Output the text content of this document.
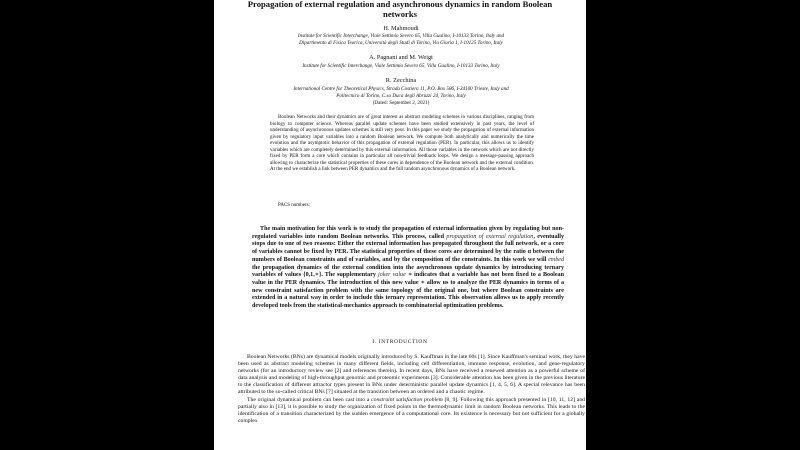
Propagation of external regulation and asynchronous dynamics in random Boolean networks
H. Mahmoudi
Institute for Scientific Interchange, Viale Settimio Severo 65, Villa Gualino, I-10133 Torino, Italy and
Dipartimento di Fisica Teorica, Università degli Studi di Torino, Via Giuria 1, I-10125 Torino, Italy
A. Pagnani and M. Weigt
Institute for Scientific Interchange, Viale Settimio Severo 65, Villa Gualino, I-10133 Torino, Italy
R. Zecchina
International Centre for Theoretical Physics, Strada Costiera 11, P.O. Box 586, I-34100 Trieste, Italy and
Politecnico di Torino, C.so Duca degli Abruzzi 24, Torino, Italy
(Dated: September 2, 2021)

Boolean Networks and their dynamics are of great interest as abstract modeling schemes in various disciplines, ranging from biology to computer science. Whereas parallel update schemes have been studied extensively in past years, the level of understanding of asynchronous updates schemes is still very poor. In this paper we study the propagation of external information given by regulatory input variables into a random Boolean network. We compute both analytically and numerically the time evolution and the asymptotic behavior of this propagation of external regulation (PER). In particular, this allows us to identify variables which are completely determined by this external information. All those variables in the network which are not directly fixed by PER form a core which contains in particular all non-trivial feedback loops. We design a message-passing approach allowing to characterize the statistical properties of these cores in dependence of the Boolean network and the external condition. At the end we establish a link between PER dynamics and the full random asynchronous dynamics of a Boolean network.

PACS numbers:

The main motivation for this work is to study the propagation of external information given by regulating but non-regulated variables into random Boolean networks. This process, called propagation of external regulation, eventually stops due to one of two reasons: Either the external information has propagated throughout the full network, or a core of variables cannot be fixed by PER. The statistical properties of these cores are determined by the ratio α between the numbers of Boolean constraints and of variables, and by the composition of the constraints. In this work we will embed the propagation dynamics of the external condition into the asynchronous update dynamics by introducing ternary variables of values {0,1,∗}. The supplementary joker value ∗ indicates that a variable has not been fixed to a Boolean value in the PER dynamics. The introduction of this new value ∗ allow us to analyze the PER dynamics in terms of a new constraint satisfaction problem with the same topology of the original one, but where Boolean constraints are extended in a natural way in order to include this ternary representation. This observation allows us to apply recently developed tools from the statistical-mechanics approach to combinatorial optimization problems.

I. INTRODUCTION

Boolean Networks (BNs) are dynamical models originally introduced by S. Kauffman in the late 60s [1]. Since Kauffman's seminal work, they have been used as abstract modeling schemes in many different fields, including cell differentiation, immune response, evolution, and gene-regulatory networks (for an introductory review see [2] and references therein). In recent days, BNs have received a renewed attention as a powerful scheme of data analysis and modeling of high-throughput genomic and proteomic experiments [3]. Considerable attention has been given in the previous literature to the classification of different attractor types present in BNs under deterministic parallel update dynamics [1, 4, 5, 6]. A special relevance has been attributed to the so-called critical BNs [7] situated at the transition between an ordered and a chaotic regime.

The original dynamical problem can been cast into a constraint satisfaction problem [8, 9]. Following this approach presented in [10, 11, 12] and partially also in [13], it is possible to study the organization of fixed points in the thermodynamic limit in random Boolean networks. This leads to the identification of a transition characterized by the sudden emergence of a computational core. Its existence is necessary but not sufficient for a globally complex
